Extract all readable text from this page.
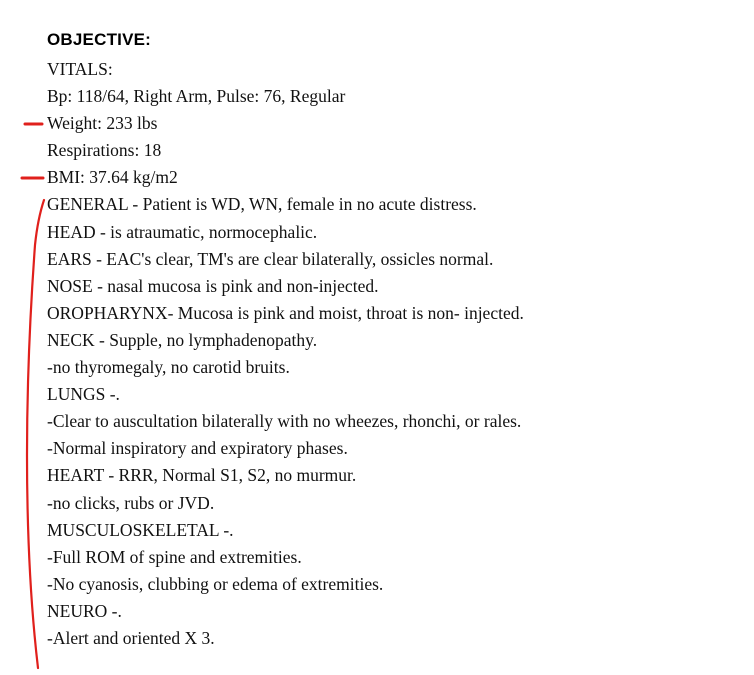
OBJECTIVE:
VITALS:
Bp: 118/64, Right Arm, Pulse: 76, Regular
Weight: 233 lbs
Respirations: 18
BMI: 37.64 kg/m2
GENERAL - Patient is WD, WN, female in no acute distress.
HEAD - is atraumatic, normocephalic.
EARS - EAC's clear, TM's are clear bilaterally, ossicles normal.
NOSE - nasal mucosa is pink and non-injected.
OROPHARYNX- Mucosa is pink and moist, throat is non- injected.
NECK - Supple, no lymphadenopathy.
-no thyromegaly, no carotid bruits.
LUNGS -.
-Clear to auscultation bilaterally with no wheezes, rhonchi, or rales.
-Normal inspiratory and expiratory phases.
HEART - RRR, Normal S1, S2, no murmur.
-no clicks, rubs or JVD.
MUSCULOSKELETAL -.
-Full ROM of spine and extremities.
-No cyanosis, clubbing or edema of extremities.
NEURO -.
-Alert and oriented X 3.
